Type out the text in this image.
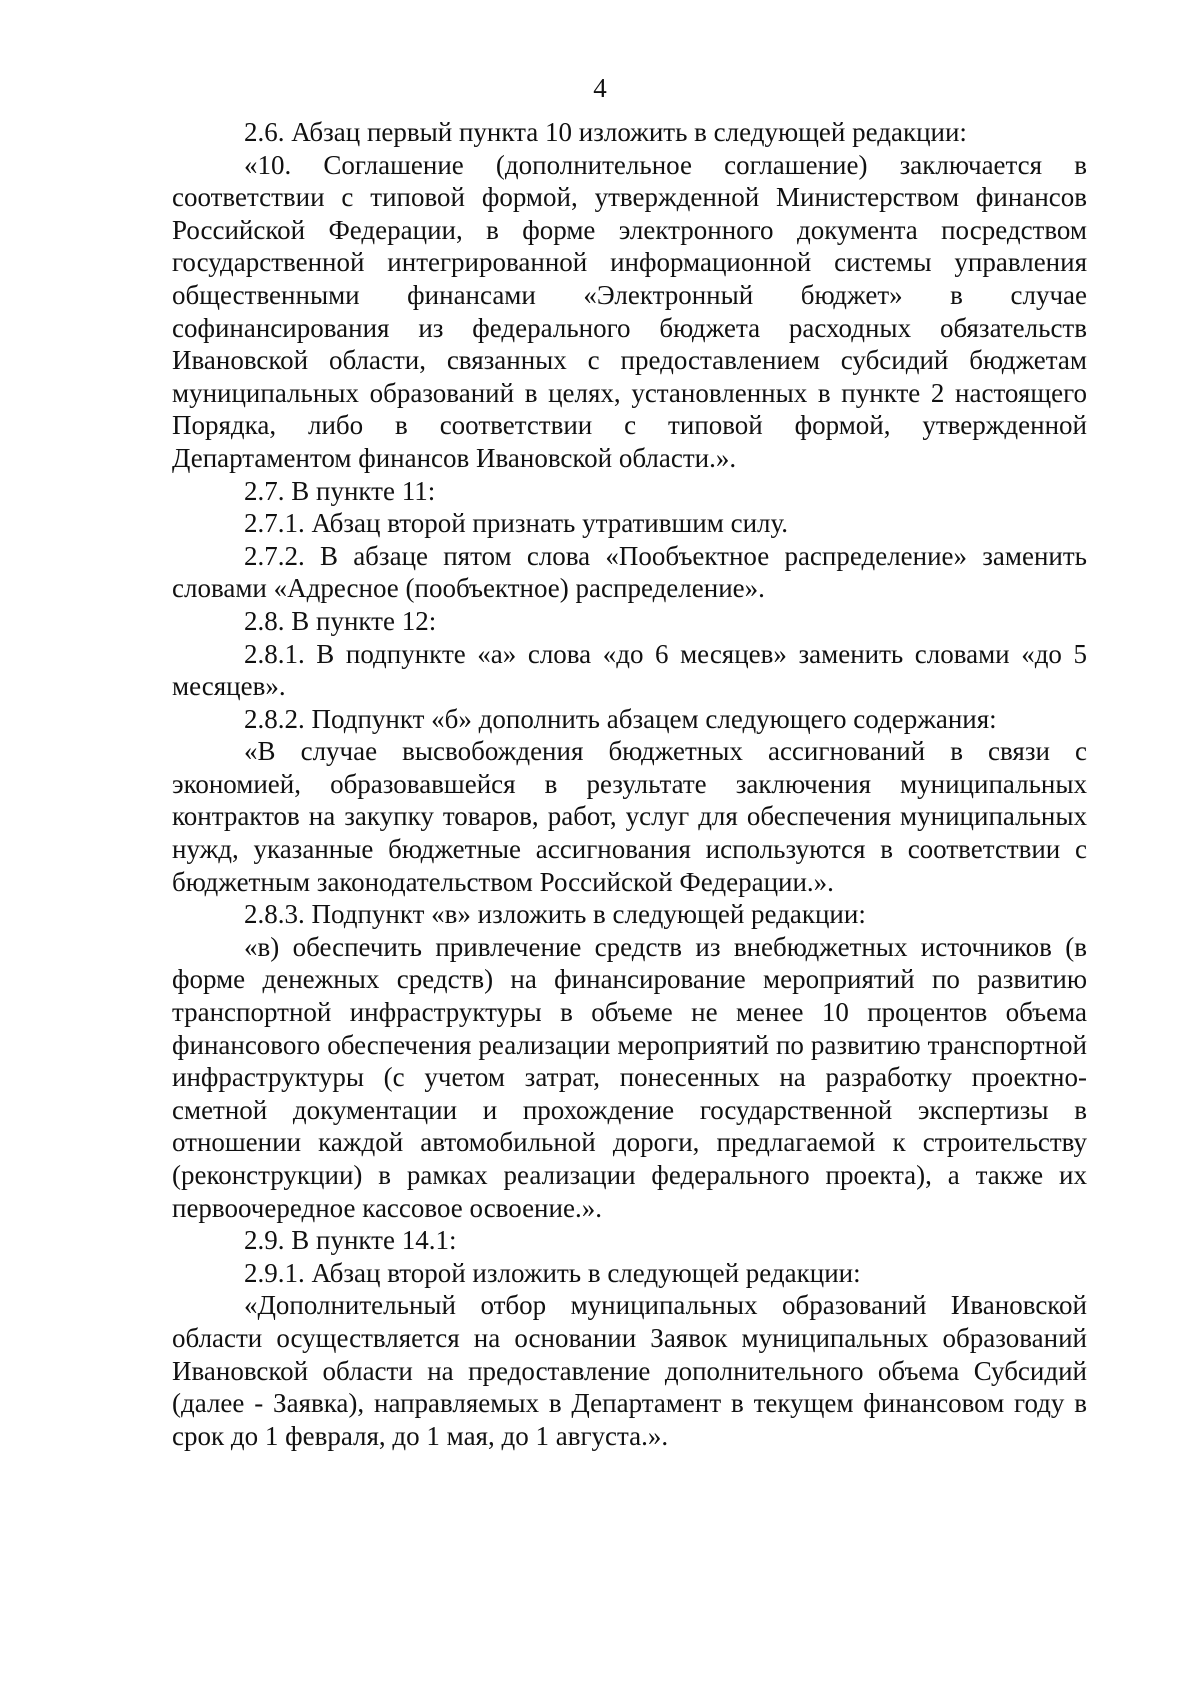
4

2.6. Абзац первый пункта 10 изложить в следующей редакции:

«10. Соглашение (дополнительное соглашение) заключается в соответствии с типовой формой, утвержденной Министерством финансов Российской Федерации, в форме электронного документа посредством государственной интегрированной информационной системы управления общественными финансами «Электронный бюджет» в случае софинансирования из федерального бюджета расходных обязательств Ивановской области, связанных с предоставлением субсидий бюджетам муниципальных образований в целях, установленных в пункте 2 настоящего Порядка, либо в соответствии с типовой формой, утвержденной Департаментом финансов Ивановской области.».

2.7. В пункте 11:

2.7.1. Абзац второй признать утратившим силу.

2.7.2. В абзаце пятом слова «Пообъектное распределение» заменить словами «Адресное (пообъектное) распределение».

2.8. В пункте 12:

2.8.1. В подпункте «а» слова «до 6 месяцев» заменить словами «до 5 месяцев».

2.8.2. Подпункт «б» дополнить абзацем следующего содержания:

«В случае высвобождения бюджетных ассигнований в связи с экономией, образовавшейся в результате заключения муниципальных контрактов на закупку товаров, работ, услуг для обеспечения муниципальных нужд, указанные бюджетные ассигнования используются в соответствии с бюджетным законодательством Российской Федерации.».

2.8.3. Подпункт «в» изложить в следующей редакции:

«в) обеспечить привлечение средств из внебюджетных источников (в форме денежных средств) на финансирование мероприятий по развитию транспортной инфраструктуры в объеме не менее 10 процентов объема финансового обеспечения реализации мероприятий по развитию транспортной инфраструктуры (с учетом затрат, понесенных на разработку проектно-сметной документации и прохождение государственной экспертизы в отношении каждой автомобильной дороги, предлагаемой к строительству (реконструкции) в рамках реализации федерального проекта), а также их первоочередное кассовое освоение.».

2.9. В пункте 14.1:

2.9.1. Абзац второй изложить в следующей редакции:

«Дополнительный отбор муниципальных образований Ивановской области осуществляется на основании Заявок муниципальных образований Ивановской области на предоставление дополнительного объема Субсидий (далее - Заявка), направляемых в Департамент в текущем финансовом году в срок до 1 февраля, до 1 мая, до 1 августа.».
